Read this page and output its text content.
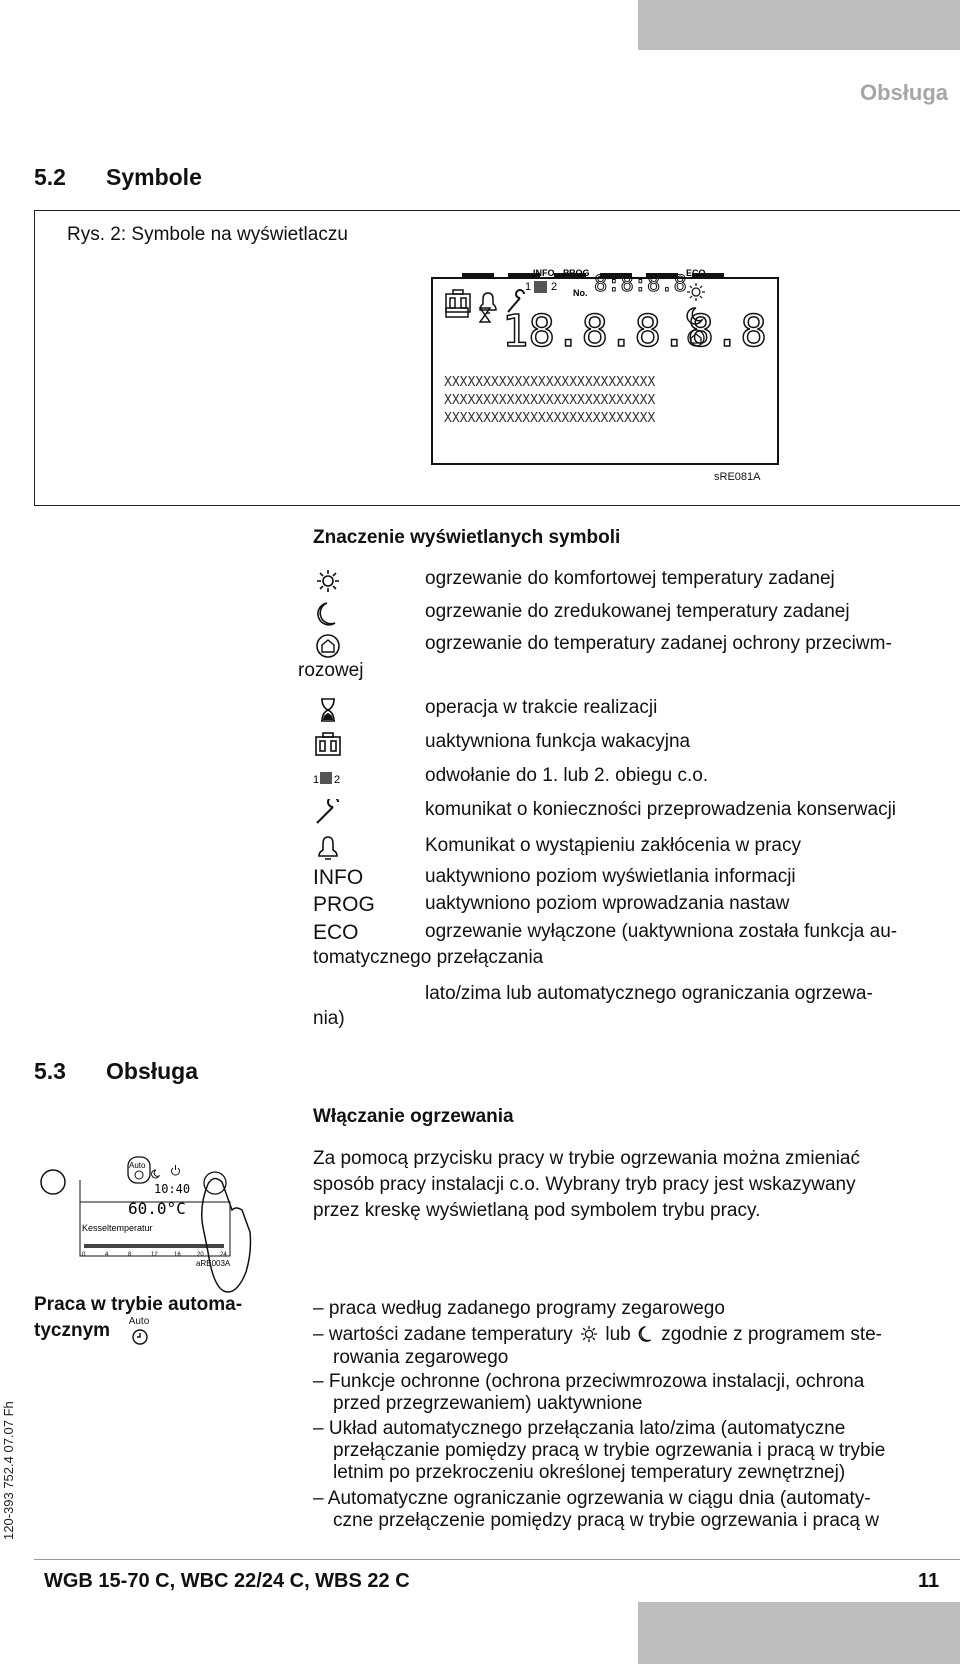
Obsługa
5.2 Symbole
Rys. 2: Symbole na wyświetlaczu
INFO PROG
1 2 No. 8:8:8.8 ECO
18.8.8.8.8
XXXXXXXXXXXXXXXXXXXXXXXXXXX
XXXXXXXXXXXXXXXXXXXXXXXXXXX
XXXXXXXXXXXXXXXXXXXXXXXXXXX
sRE081A
Znaczenie wyświetlanych symboli
ogrzewanie do komfortowej temperatury zadanej
ogrzewanie do zredukowanej temperatury zadanej
ogrzewanie do temperatury zadanej ochrony przeciwm-
rozowej
operacja w trakcie realizacji
uaktywniona funkcja wakacyjna
1 2	odwołanie do 1. lub 2. obiegu c.o.
komunikat o konieczności przeprowadzenia konserwacji
Komunikat o wystąpieniu zakłócenia w pracy
INFO	uaktywniono poziom wyświetlania informacji
PROG	uaktywniono poziom wprowadzania nastaw
ECO	ogrzewanie wyłączone (uaktywniona została funkcja au-
tomatycznego przełączania
lato/zima lub automatycznego ograniczania ogrzewa-
nia)
5.3 Obsługa
Włączanie ogrzewania
Za pomocą przycisku pracy w trybie ogrzewania można zmieniać
sposób pracy instalacji c.o. Wybrany tryb pracy jest wskazywany
przez kreskę wyświetlaną pod symbolem trybu pracy.
Auto
10:40
60.0°C
Kesseltemperatur
0	4	8	12	16	20	24
aRE003A
Praca w trybie automa-
tycznym	Auto
– praca według zadanego programy zegarowego
– wartości zadane temperatury lub zgodnie z programem ste-
rowania zegarowego
– Funkcje ochronne (ochrona przeciwmrozowa instalacji, ochrona
przed przegrzewaniem) uaktywnione
– Układ automatycznego przełączania lato/zima (automatyczne
przełączanie pomiędzy pracą w trybie ogrzewania i pracą w trybie
letnim po przekroczeniu określonej temperatury zewnętrznej)
– Automatyczne ograniczanie ogrzewania w ciągu dnia (automaty-
czne przełączenie pomiędzy pracą w trybie ogrzewania i pracą w
120-393 752.4 07.07 Fh
WGB 15-70 C, WBC 22/24 C, WBS 22 C	11
